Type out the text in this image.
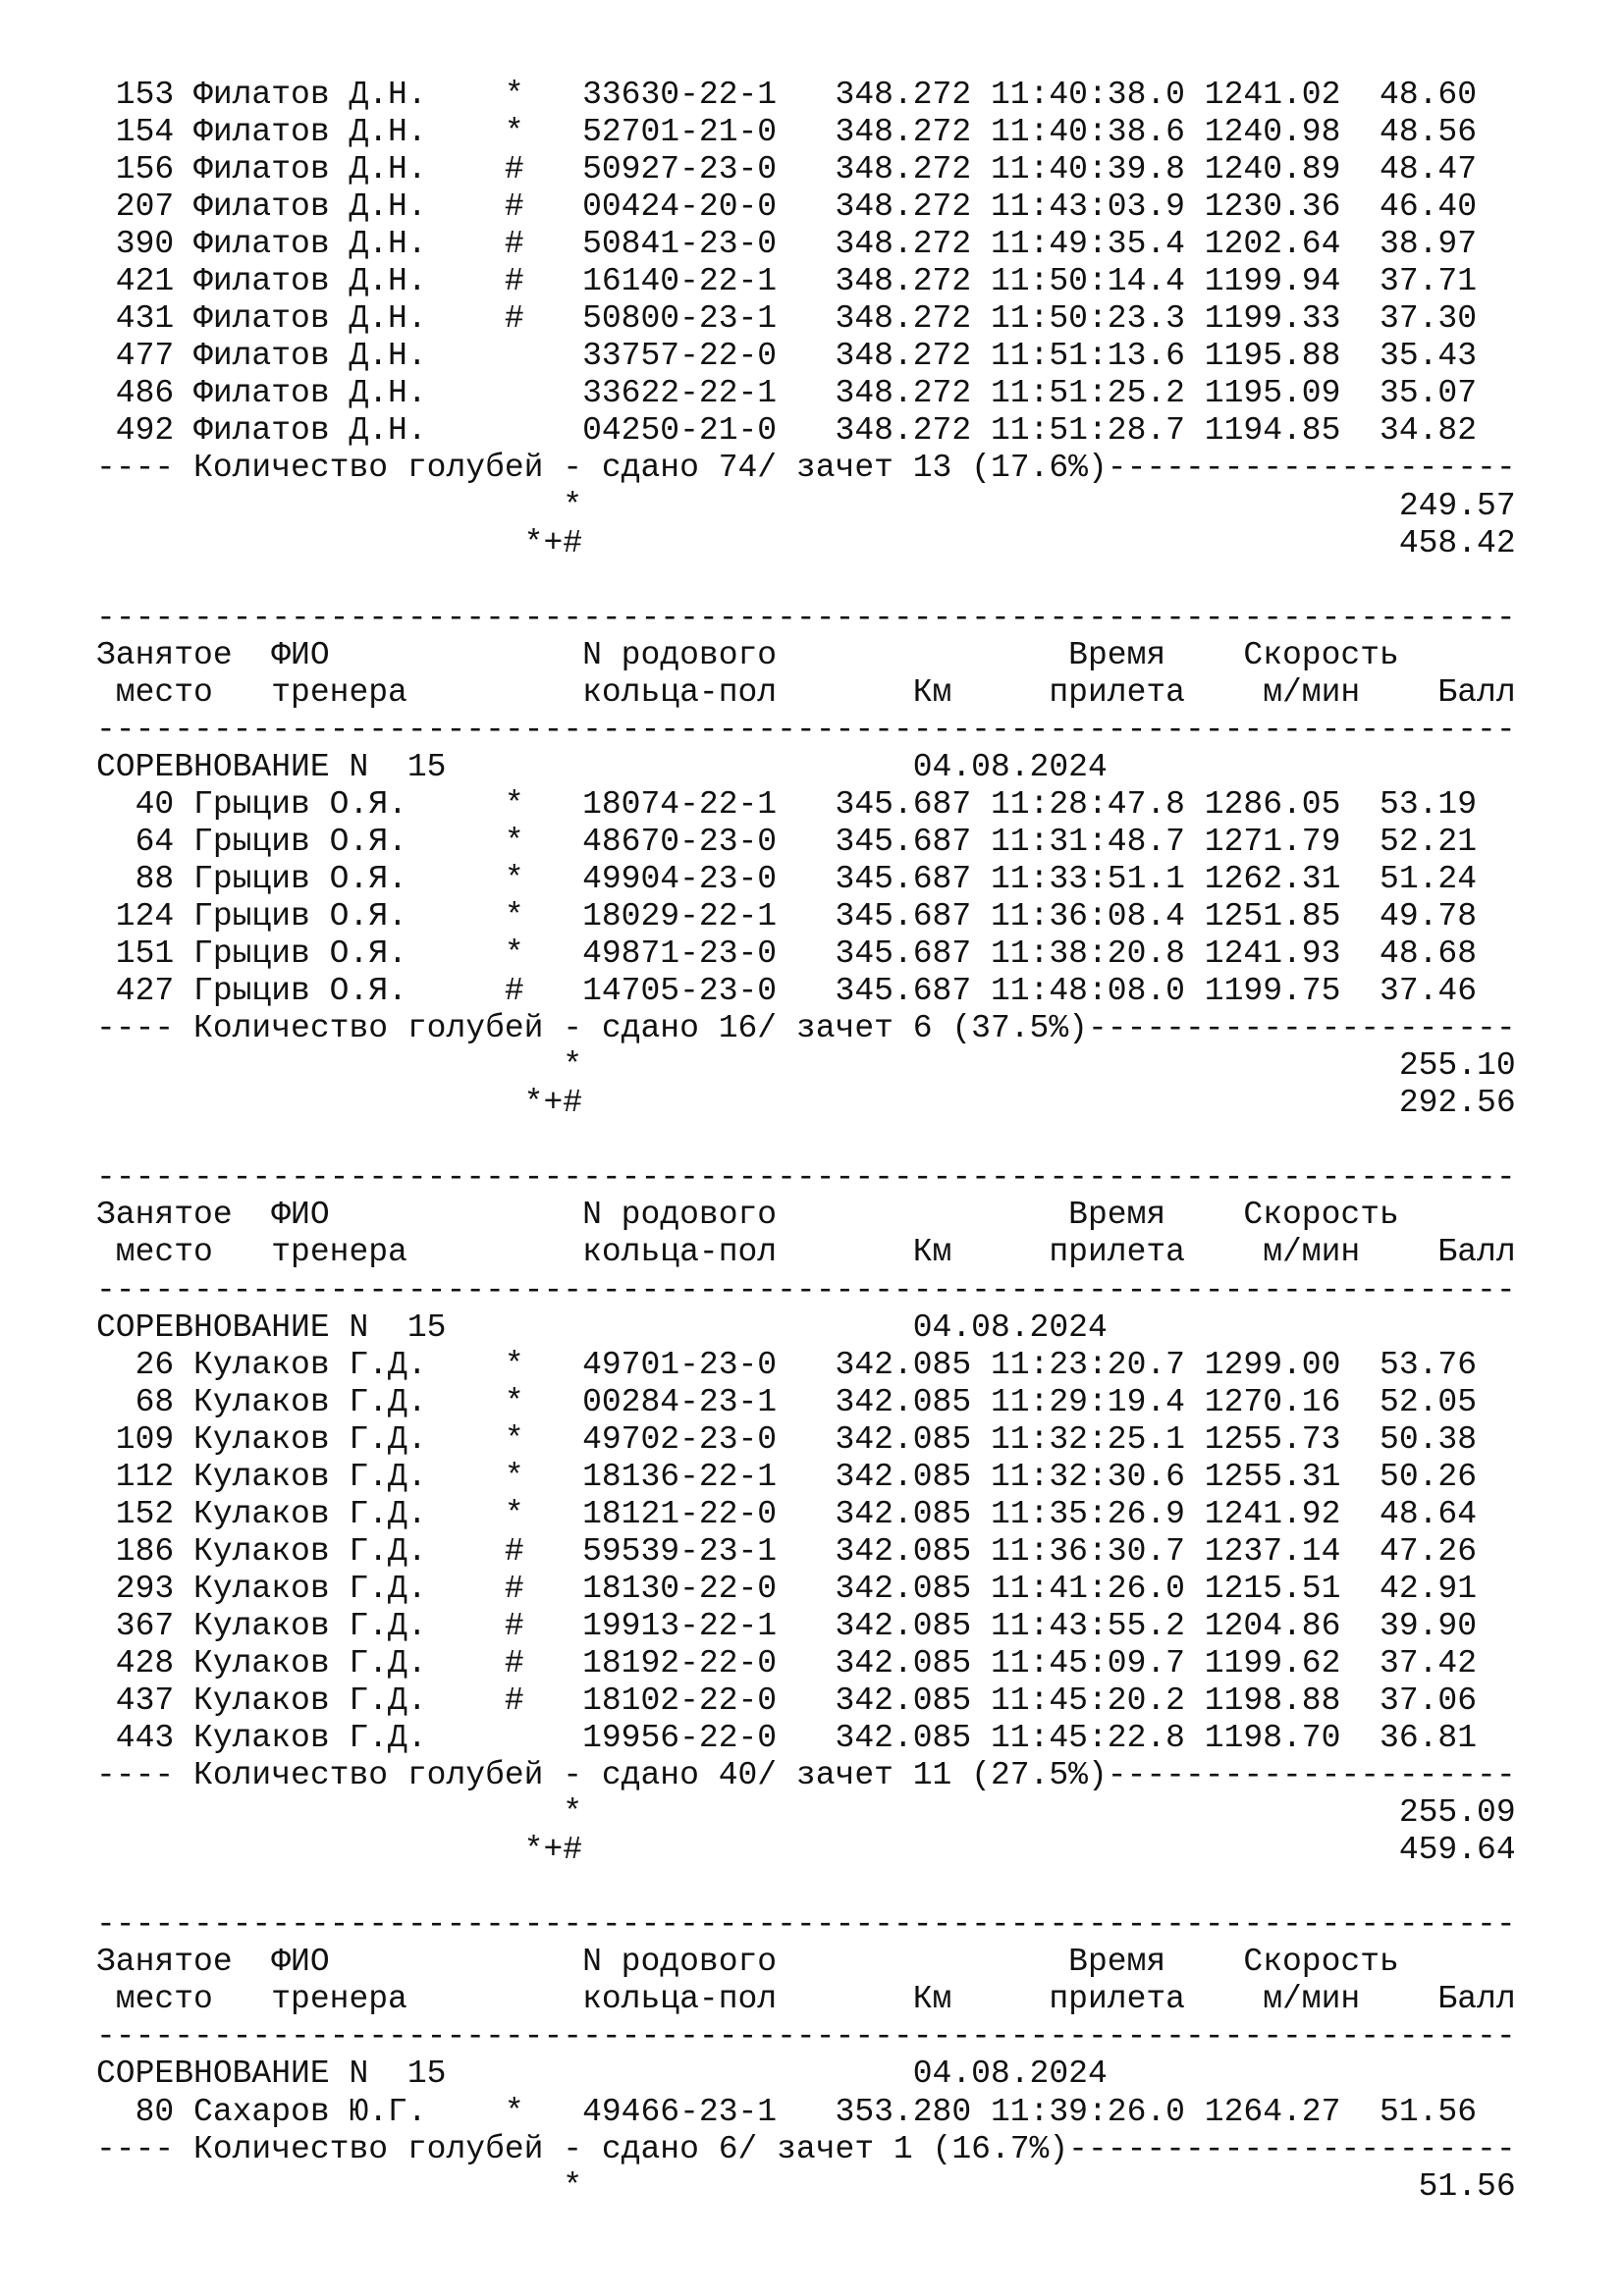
153 Филатов Д.Н.    *   33630-22-1   348.272 11:40:38.0 1241.02  48.60
154 Филатов Д.Н.    *   52701-21-0   348.272 11:40:38.6 1240.98  48.56
156 Филатов Д.Н.    #   50927-23-0   348.272 11:40:39.8 1240.89  48.47
207 Филатов Д.Н.    #   00424-20-0   348.272 11:43:03.9 1230.36  46.40
390 Филатов Д.Н.    #   50841-23-0   348.272 11:49:35.4 1202.64  38.97
421 Филатов Д.Н.    #   16140-22-1   348.272 11:50:14.4 1199.94  37.71
431 Филатов Д.Н.    #   50800-23-1   348.272 11:50:23.3 1199.33  37.30
477 Филатов Д.Н.        33757-22-0   348.272 11:51:13.6 1195.88  35.43
486 Филатов Д.Н.        33622-22-1   348.272 11:51:25.2 1195.09  35.07
492 Филатов Д.Н.        04250-21-0   348.272 11:51:28.7 1194.85  34.82
---- Количество голубей - сдано 74/ зачет 13 (17.6%)---------------------
*                                          249.57
*+#                                          458.42
-------------------------------------------------------------------------
Занятое  ФИО             N родового               Время    Скорость
место   тренера         кольца-пол       Км     прилета    м/мин    Балл
-------------------------------------------------------------------------
СОРЕВНОВАНИЕ N  15                        04.08.2024
40 Грыцив О.Я.     *   18074-22-1   345.687 11:28:47.8 1286.05  53.19
64 Грыцив О.Я.     *   48670-23-0   345.687 11:31:48.7 1271.79  52.21
88 Грыцив О.Я.     *   49904-23-0   345.687 11:33:51.1 1262.31  51.24
124 Грыцив О.Я.     *   18029-22-1   345.687 11:36:08.4 1251.85  49.78
151 Грыцив О.Я.     *   49871-23-0   345.687 11:38:20.8 1241.93  48.68
427 Грыцив О.Я.     #   14705-23-0   345.687 11:48:08.0 1199.75  37.46
---- Количество голубей - сдано 16/ зачет 6 (37.5%)----------------------
*                                          255.10
*+#                                          292.56
-------------------------------------------------------------------------
Занятое  ФИО             N родового               Время    Скорость
место   тренера         кольца-пол       Км     прилета    м/мин    Балл
-------------------------------------------------------------------------
СОРЕВНОВАНИЕ N  15                        04.08.2024
26 Кулаков Г.Д.    *   49701-23-0   342.085 11:23:20.7 1299.00  53.76
68 Кулаков Г.Д.    *   00284-23-1   342.085 11:29:19.4 1270.16  52.05
109 Кулаков Г.Д.    *   49702-23-0   342.085 11:32:25.1 1255.73  50.38
112 Кулаков Г.Д.    *   18136-22-1   342.085 11:32:30.6 1255.31  50.26
152 Кулаков Г.Д.    *   18121-22-0   342.085 11:35:26.9 1241.92  48.64
186 Кулаков Г.Д.    #   59539-23-1   342.085 11:36:30.7 1237.14  47.26
293 Кулаков Г.Д.    #   18130-22-0   342.085 11:41:26.0 1215.51  42.91
367 Кулаков Г.Д.    #   19913-22-1   342.085 11:43:55.2 1204.86  39.90
428 Кулаков Г.Д.    #   18192-22-0   342.085 11:45:09.7 1199.62  37.42
437 Кулаков Г.Д.    #   18102-22-0   342.085 11:45:20.2 1198.88  37.06
443 Кулаков Г.Д.        19956-22-0   342.085 11:45:22.8 1198.70  36.81
---- Количество голубей - сдано 40/ зачет 11 (27.5%)---------------------
*                                          255.09
*+#                                          459.64
-------------------------------------------------------------------------
Занятое  ФИО             N родового               Время    Скорость
место   тренера         кольца-пол       Км     прилета    м/мин    Балл
-------------------------------------------------------------------------
СОРЕВНОВАНИЕ N  15                        04.08.2024
80 Сахаров Ю.Г.    *   49466-23-1   353.280 11:39:26.0 1264.27  51.56
---- Количество голубей - сдано 6/ зачет 1 (16.7%)-----------------------
*                                           51.56
